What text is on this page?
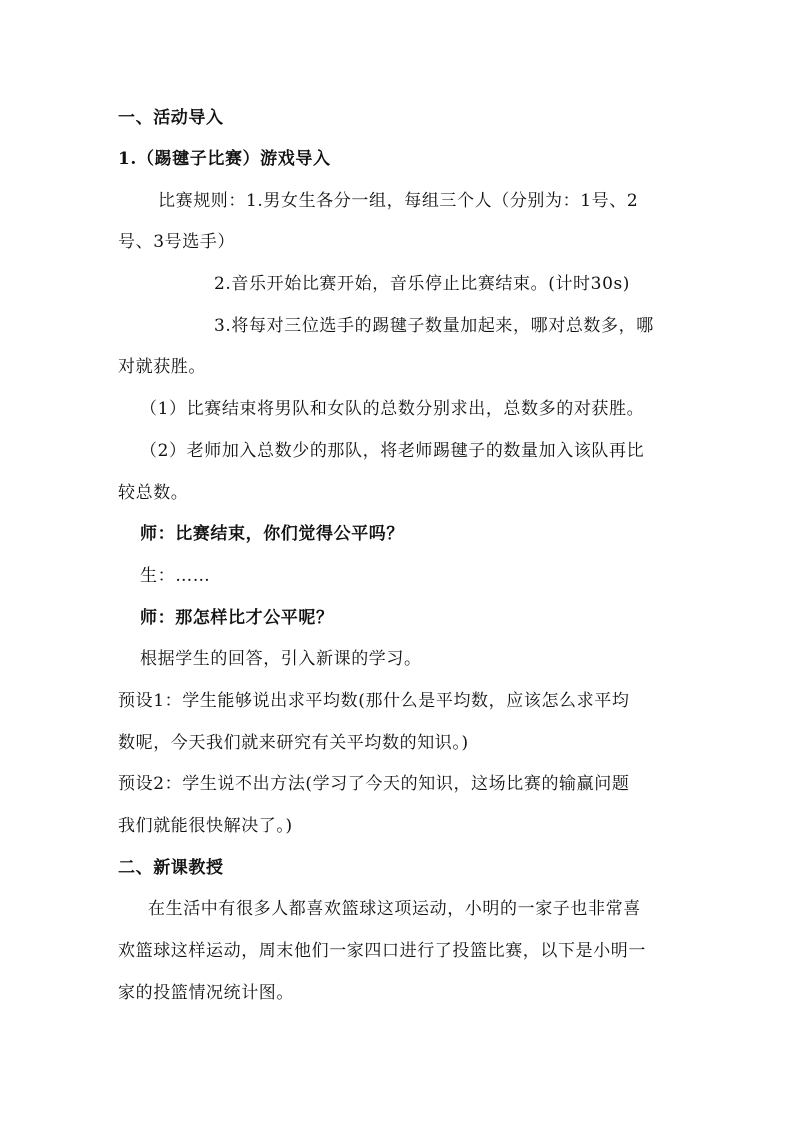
一、活动导入
1.（踢毽子比赛）游戏导入
比赛规则：1.男女生各分一组，每组三个人（分别为：1号、2
号、3号选手）
2.音乐开始比赛开始，音乐停止比赛结束。(计时30s)
3.将每对三位选手的踢毽子数量加起来，哪对总数多，哪
对就获胜。
（1）比赛结束将男队和女队的总数分别求出，总数多的对获胜。
（2）老师加入总数少的那队，将老师踢毽子的数量加入该队再比
较总数。
师：比赛结束，你们觉得公平吗？
生：……
师：那怎样比才公平呢？
根据学生的回答，引入新课的学习。
预设1：学生能够说出求平均数(那什么是平均数，应该怎么求平均
数呢，今天我们就来研究有关平均数的知识。)
预设2：学生说不出方法(学习了今天的知识，这场比赛的输赢问题
我们就能很快解决了。)
二、新课教授
在生活中有很多人都喜欢篮球这项运动，小明的一家子也非常喜
欢篮球这样运动，周末他们一家四口进行了投篮比赛，以下是小明一
家的投篮情况统计图。
